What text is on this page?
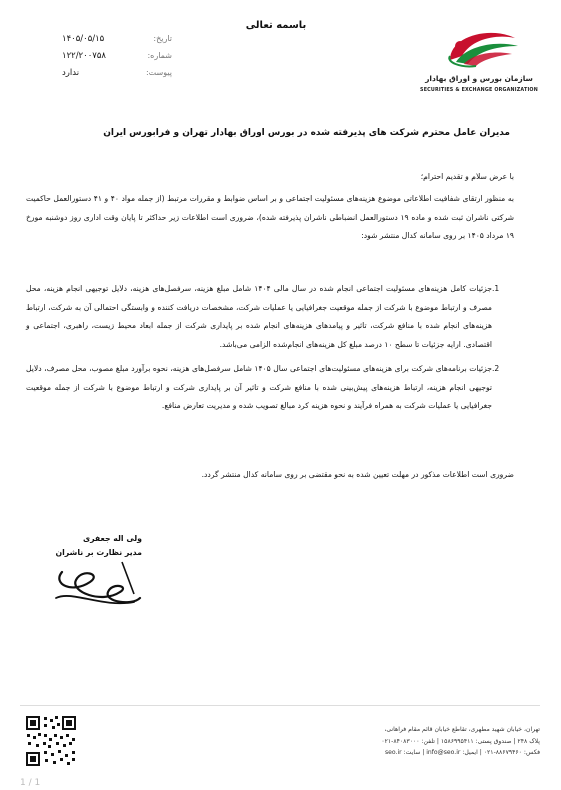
باسمه تعالی
۱۴۰۵/۰۵/۱۵	تاریخ:
۱۲۲/۲۰۰۷۵۸	شماره:
ندارد	پیوست:
سازمان بورس و اوراق بهادار
SECURITIES & EXCHANGE ORGANIZATION
مدیران عامل محترم شرکت های پذیرفته شده در بورس اوراق بهادار تهران و فرابورس ایران
با عرض سلام و تقدیم احترام؛
به منظور ارتقای شفافیت اطلاعاتی موضوع هزینه‌های مسئولیت اجتماعی و بر اساس ضوابط و مقررات مرتبط (از جمله مواد ۴۰ و ۴۱ دستورالعمل حاکمیت شرکتی ناشران ثبت شده و ماده ۱۹ دستورالعمل انضباطی ناشران پذیرفته شده)، ضروری است اطلاعات زیر حداکثر تا پایان وقت اداری روز دوشنبه مورخ ۱۹ مرداد ۱۴۰۵ بر روی سامانه کدال منتشر شود:
1.
جزئیات کامل هزینه‌های مسئولیت اجتماعی انجام شده در سال مالی ۱۴۰۴ شامل مبلغ هزینه، سرفصل‌های هزینه، دلایل توجیهی انجام هزینه، محل مصرف و ارتباط موضوع با شرکت از جمله موقعیت جغرافیایی یا عملیات شرکت، مشخصات دریافت کننده و وابستگی احتمالی آن به شرکت، ارتباط هزینه‌های انجام شده با منافع شرکت، تاثیر و پیامدهای هزینه‌های انجام شده بر پایداری شرکت از جمله ابعاد محیط زیست، راهبری، اجتماعی و اقتصادی. ارایه جزئیات تا سطح ۱۰ درصد مبلغ کل هزینه‌های انجام‌شده الزامی می‌باشد.
2.
جزئیات برنامه‌های شرکت برای هزینه‌های مسئولیت‌های اجتماعی سال ۱۴۰۵ شامل سرفصل‌های هزینه، نحوه برآورد مبلغ مصوب، محل مصرف، دلایل توجیهی انجام هزینه، ارتباط هزینه‌های پیش‌بینی شده با منافع شرکت و تاثیر آن بر پایداری شرکت و ارتباط موضوع با شرکت از جمله موقعیت جغرافیایی یا عملیات شرکت به همراه فرآیند و نحوه هزینه کرد مبالغ تصویب شده و مدیریت تعارض منافع.
ضروری است اطلاعات مذکور در مهلت تعیین شده به نحو مقتضی بر روی سامانه کدال منتشر گردد.
ولی اله جعفری
مدیر نظارت بر ناشران
تهران، خیابان شهید مطهری، تقاطع خیابان قائم مقام فراهانی،
پلاک ۲۴۸ | صندوق پستی: ۱۵۸۶۹۹۵۴۱۱ | تلفن: ۸۴۰۸۳۰۰۰-۰۲۱
فکس: ۸۸۶۷۹۴۶۰-۰۲۱ | ایمیل: info@seo.ir | سایت: seo.ir
1 / 1
